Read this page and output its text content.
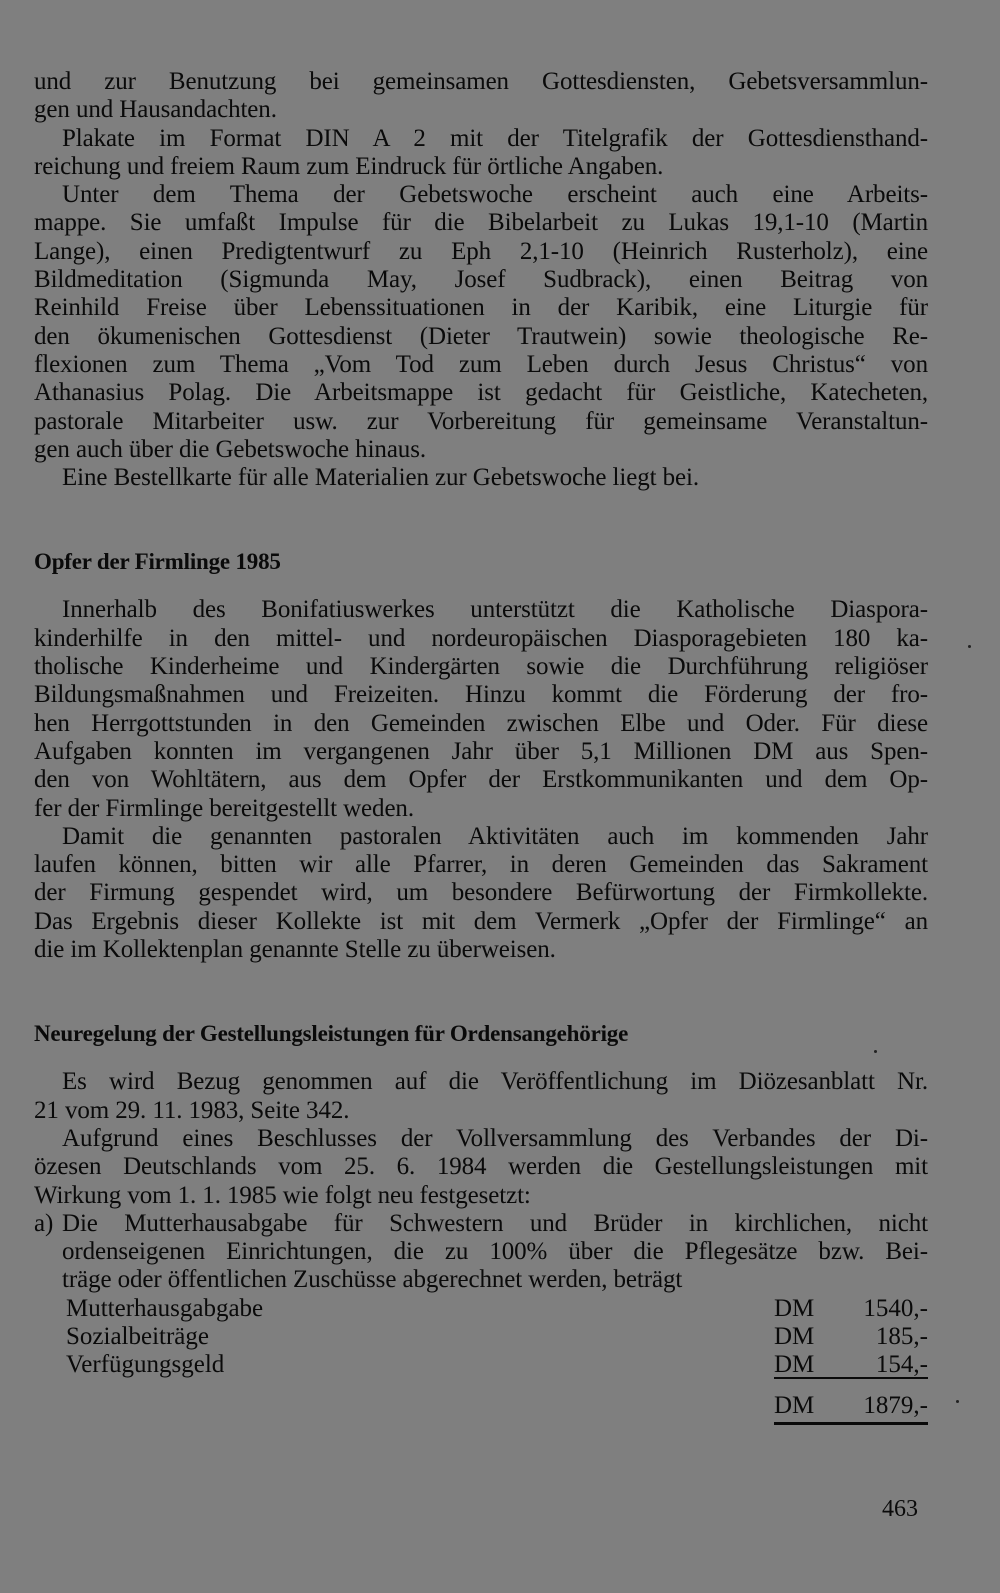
und zur Benutzung bei gemeinsamen Gottesdiensten, Gebetsversammlun-
gen und Hausandachten.
Plakate im Format DIN A 2 mit der Titelgrafik der Gottesdiensthand-
reichung und freiem Raum zum Eindruck für örtliche Angaben.
Unter dem Thema der Gebetswoche erscheint auch eine Arbeits-
mappe. Sie umfaßt Impulse für die Bibelarbeit zu Lukas 19,1-10 (Martin
Lange), einen Predigtentwurf zu Eph 2,1-10 (Heinrich Rusterholz), eine
Bildmeditation (Sigmunda May, Josef Sudbrack), einen Beitrag von
Reinhild Freise über Lebenssituationen in der Karibik, eine Liturgie für
den ökumenischen Gottesdienst (Dieter Trautwein) sowie theologische Re-
flexionen zum Thema „Vom Tod zum Leben durch Jesus Christus“ von
Athanasius Polag. Die Arbeitsmappe ist gedacht für Geistliche, Katecheten,
pastorale Mitarbeiter usw. zur Vorbereitung für gemeinsame Veranstaltun-
gen auch über die Gebetswoche hinaus.
Eine Bestellkarte für alle Materialien zur Gebetswoche liegt bei.
Opfer der Firmlinge 1985
Innerhalb des Bonifatiuswerkes unterstützt die Katholische Diaspora-
kinderhilfe in den mittel- und nordeuropäischen Diasporagebieten 180 ka-
tholische Kinderheime und Kindergärten sowie die Durchführung religiöser
Bildungsmaßnahmen und Freizeiten. Hinzu kommt die Förderung der fro-
hen Herrgottstunden in den Gemeinden zwischen Elbe und Oder. Für diese
Aufgaben konnten im vergangenen Jahr über 5,1 Millionen DM aus Spen-
den von Wohltätern, aus dem Opfer der Erstkommunikanten und dem Op-
fer der Firmlinge bereitgestellt weden.
Damit die genannten pastoralen Aktivitäten auch im kommenden Jahr
laufen können, bitten wir alle Pfarrer, in deren Gemeinden das Sakrament
der Firmung gespendet wird, um besondere Befürwortung der Firmkollekte.
Das Ergebnis dieser Kollekte ist mit dem Vermerk „Opfer der Firmlinge“ an
die im Kollektenplan genannte Stelle zu überweisen.
Neuregelung der Gestellungsleistungen für Ordensangehörige
Es wird Bezug genommen auf die Veröffentlichung im Diözesanblatt Nr.
21 vom 29. 11. 1983, Seite 342.
Aufgrund eines Beschlusses der Vollversammlung des Verbandes der Di-
özesen Deutschlands vom 25. 6. 1984 werden die Gestellungsleistungen mit
Wirkung vom 1. 1. 1985 wie folgt neu festgesetzt:
a) Die Mutterhausabgabe für Schwestern und Brüder in kirchlichen, nicht
ordenseigenen Einrichtungen, die zu 100% über die Pflegesätze bzw. Bei-
träge oder öffentlichen Zuschüsse abgerechnet werden, beträgt
Mutterhausgabgabe	DM 1540,-
Sozialbeiträge	DM 185,-
Verfügungsgeld	DM 154,-
DM 1879,-
463
